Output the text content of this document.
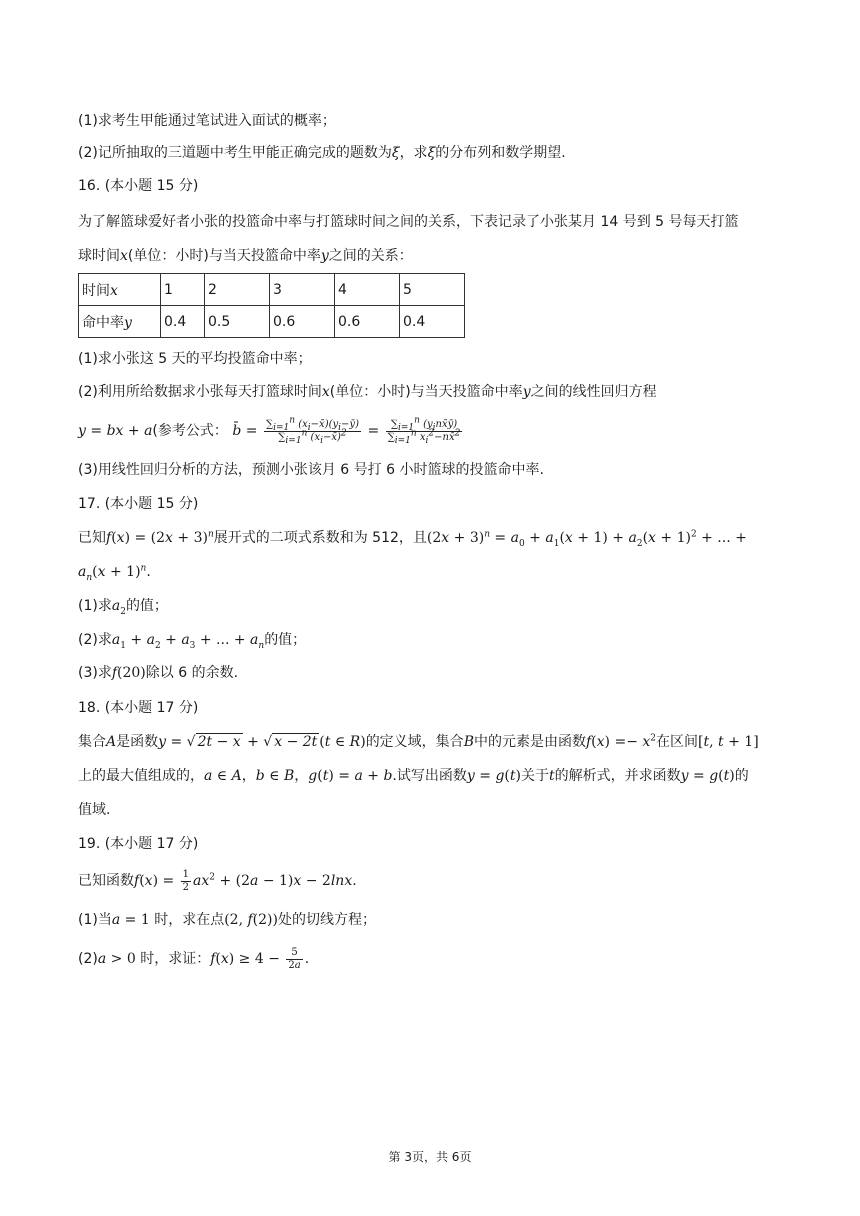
(1)求考生甲能通过笔试进入面试的概率；
(2)记所抽取的三道题中考生甲能正确完成的题数为ξ，求ξ的分布列和数学期望.
16. (本小题 15 分)
为了解篮球爱好者小张的投篮命中率与打篮球时间之间的关系，下表记录了小张某月 14 号到 5 号每天打篮
球时间x(单位：小时)与当天投篮命中率y之间的关系：
时间x	1	2	3	4	5
命中率y	0.4	0.5	0.6	0.6	0.4
(1)求小张这 5 天的平均投篮命中率；
(2)利用所给数据求小张每天打篮球时间x(单位：小时)与当天投篮命中率y之间的线性回归方程
y = bx + a(参考公式： b̄ = $\frac{\sum_{i=1}^n (x_i-x̄)(y_i-ȳ)}{\sum_{i=1}^n (x_i-x̄)^2} = \frac{\sum_{i=1}^n (y_inx̄ȳ)}{\sum_{i=1}^n x_i^2-nx̄^2}$
(3)用线性回归分析的方法，预测小张该月 6 号打 6 小时篮球的投篮命中率.
17. (本小题 15 分)
已知$f(x) = (2x + 3)^n$展开式的二项式系数和为 512，且$(2x + 3)^n = a_0 + a_1(x + 1) + a_2(x + 1)^2$ + ... +
$a_n(x + 1)^n$.
(1)求$a_2$的值；
(2)求$a_1 + a_2 + a_3$ + ... + $a_n$的值；
(3)求f(20)除以 6 的余数.
18. (本小题 17 分)
集合A是函数y = √ 2t − x + √ x − 2t (t ∈ R)的定义域，集合B中的元素是由函数$f(x) =- x^2$在区间[t, t + 1]
上的最大值组成的，a ∈ A，b ∈ B，g(t) = a + b.试写出函数y = g(t)关于t的解析式，并求函数y = g(t)的
值域.
19. (本小题 17 分)
已知函数$f(x) = \frac{1}{2} ax^2 + (2a - 1)x - 2\ln x$.
(1)当a = 1 时，求在点(2, f(2))处的切线方程；
(2)a > 0 时，求证：$f(x) \ge 4 - \frac{5}{2a}$ .
第 3页，共 6页
